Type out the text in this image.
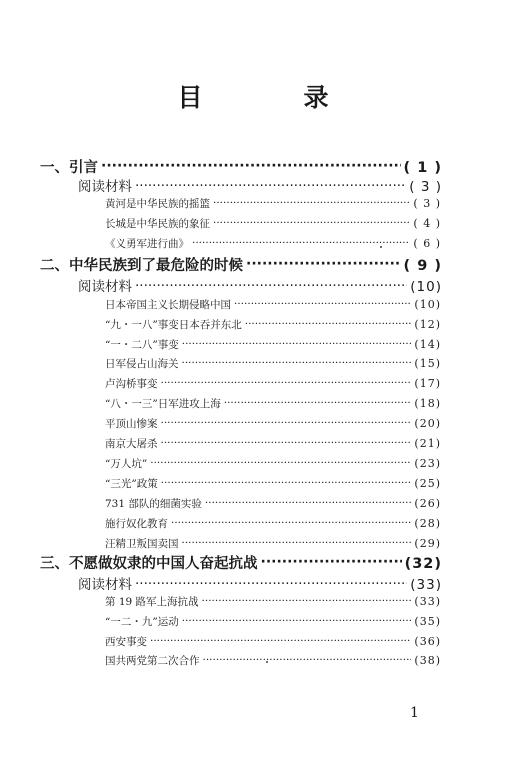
目　录
一、引言 ·····	( 1 )
阅读材料 ·····	( 3 )
黄河是中华民族的摇篮 ·····	( 3 )
长城是中华民族的象征 ·····	( 4 )
《义勇军进行曲》 ·····	( 6 )
二、中华民族到了最危险的时候 ·····	( 9 )
阅读材料 ·····	(10)
日本帝国主义长期侵略中国 ·····	(10)
“九・一八”事变日本吞并东北 ·····	(12)
“一・二八”事变 ·····	(14)
日军侵占山海关 ·····	(15)
卢沟桥事变 ·····	(17)
“八・一三”日军进攻上海 ·····	(18)
平顶山惨案 ·····	(20)
南京大屠杀 ·····	(21)
“万人坑” ·····	(23)
“三光”政策 ·····	(25)
731 部队的细菌实验 ·····	(26)
施行奴化教育 ·····	(28)
汪精卫叛国卖国 ·····	(29)
三、不愿做奴隶的中国人奋起抗战 ·····	(32)
阅读材料 ·····	(33)
第 19 路军上海抗战 ·····	(33)
“一二・九”运动 ·····	(35)
西安事变 ·····	(36)
国共两党第二次合作 ·····	(38)
1
